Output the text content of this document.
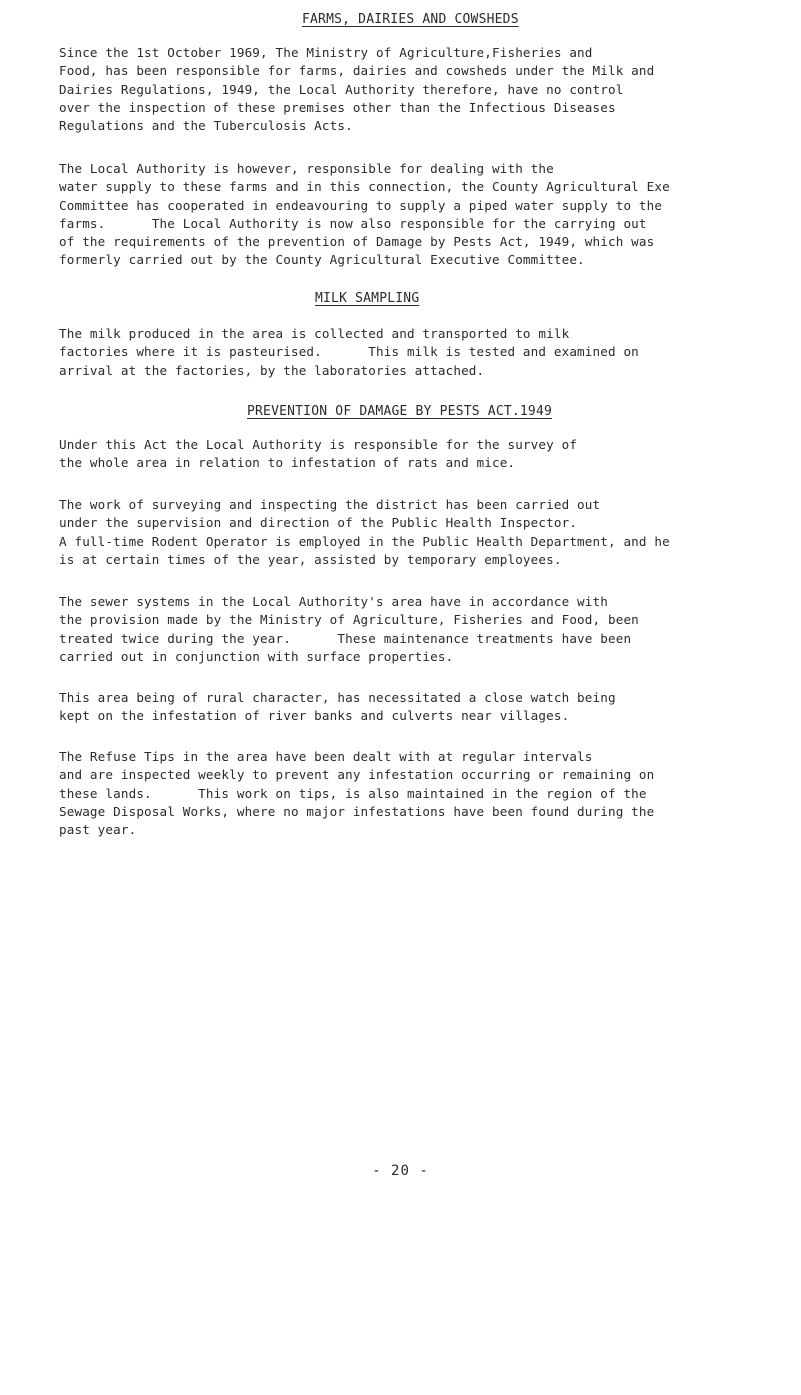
FARMS, DAIRIES AND COWSHEDS
Since the 1st October 1969, The Ministry of Agriculture,Fisheries and
Food, has been responsible for farms, dairies and cowsheds under the Milk and
Dairies Regulations, 1949, the Local Authority therefore, have no control
over the inspection of these premises other than the Infectious Diseases
Regulations and the Tuberculosis Acts.
The Local Authority is however, responsible for dealing with the
water supply to these farms and in this connection, the County Agricultural Exe
Committee has cooperated in endeavouring to supply a piped water supply to the
farms.      The Local Authority is now also responsible for the carrying out
of the requirements of the prevention of Damage by Pests Act, 1949, which was
formerly carried out by the County Agricultural Executive Committee.
MILK SAMPLING
The milk produced in the area is collected and transported to milk
factories where it is pasteurised.      This milk is tested and examined on
arrival at the factories, by the laboratories attached.
PREVENTION OF DAMAGE BY PESTS ACT.1949
Under this Act the Local Authority is responsible for the survey of
the whole area in relation to infestation of rats and mice.
The work of surveying and inspecting the district has been carried out
under the supervision and direction of the Public Health Inspector.
A full-time Rodent Operator is employed in the Public Health Department, and he
is at certain times of the year, assisted by temporary employees.
The sewer systems in the Local Authority's area have in accordance with
the provision made by the Ministry of Agriculture, Fisheries and Food, been
treated twice during the year.      These maintenance treatments have been
carried out in conjunction with surface properties.
This area being of rural character, has necessitated a close watch being
kept on the infestation of river banks and culverts near villages.
The Refuse Tips in the area have been dealt with at regular intervals
and are inspected weekly to prevent any infestation occurring or remaining on
these lands.      This work on tips, is also maintained in the region of the
Sewage Disposal Works, where no major infestations have been found during the
past year.
- 20 -
